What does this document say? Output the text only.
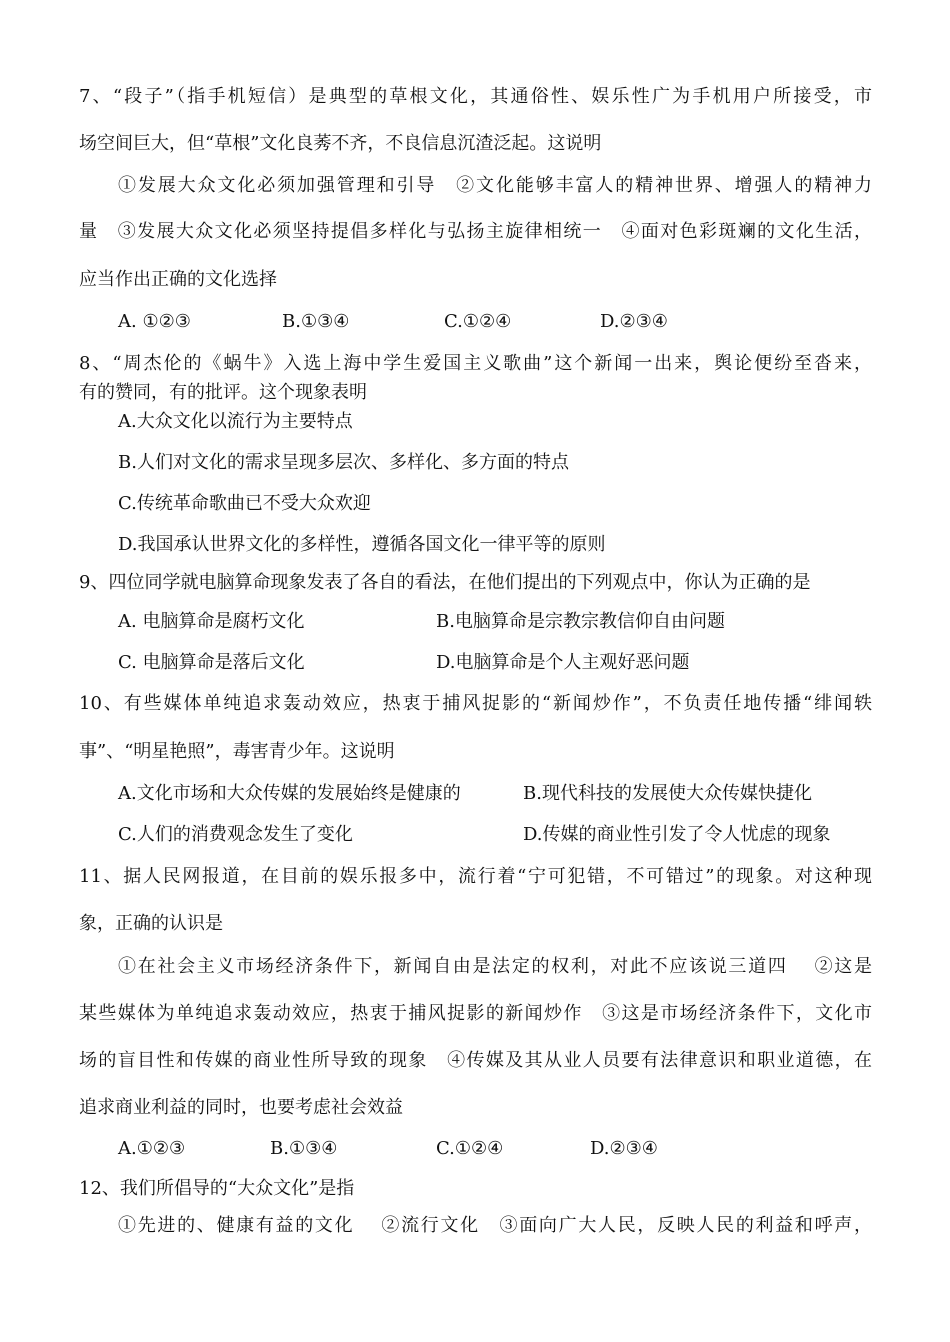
7、“段子”（指手机短信）是典型的草根文化，其通俗性、娱乐性广为手机用户所接受，市
场空间巨大，但“草根”文化良莠不齐，不良信息沉渣泛起。这说明
①发展大众文化必须加强管理和引导　②文化能够丰富人的精神世界、增强人的精神力
量　③发展大众文化必须坚持提倡多样化与弘扬主旋律相统一　④面对色彩斑斓的文化生活，
应当作出正确的文化选择
A. ①②③	B.①③④	C.①②④	D.②③④
8、“周杰伦的《蜗牛》入选上海中学生爱国主义歌曲”这个新闻一出来，舆论便纷至沓来，
有的赞同，有的批评。这个现象表明
A.大众文化以流行为主要特点
B.人们对文化的需求呈现多层次、多样化、多方面的特点
C.传统革命歌曲已不受大众欢迎
D.我国承认世界文化的多样性，遵循各国文化一律平等的原则
9、四位同学就电脑算命现象发表了各自的看法，在他们提出的下列观点中，你认为正确的是
A. 电脑算命是腐朽文化	B.电脑算命是宗教宗教信仰自由问题
C. 电脑算命是落后文化	D.电脑算命是个人主观好恶问题
10、有些媒体单纯追求轰动效应，热衷于捕风捉影的“新闻炒作”，不负责任地传播“绯闻轶
事”、“明星艳照”，毒害青少年。这说明
A.文化市场和大众传媒的发展始终是健康的	B.现代科技的发展使大众传媒快捷化
C.人们的消费观念发生了变化	D.传媒的商业性引发了令人忧虑的现象
11、据人民网报道，在目前的娱乐报多中，流行着“宁可犯错，不可错过”的现象。对这种现
象，正确的认识是
①在社会主义市场经济条件下，新闻自由是法定的权利，对此不应该说三道四　 ②这是
某些媒体为单纯追求轰动效应，热衷于捕风捉影的新闻炒作　③这是市场经济条件下，文化市
场的盲目性和传媒的商业性所导致的现象　④传媒及其从业人员要有法律意识和职业道德，在
追求商业利益的同时，也要考虑社会效益
A.①②③	B.①③④	C.①②④	D.②③④
12、我们所倡导的“大众文化”是指
①先进的、健康有益的文化　 ②流行文化　③面向广大人民，反映人民的利益和呼声，
